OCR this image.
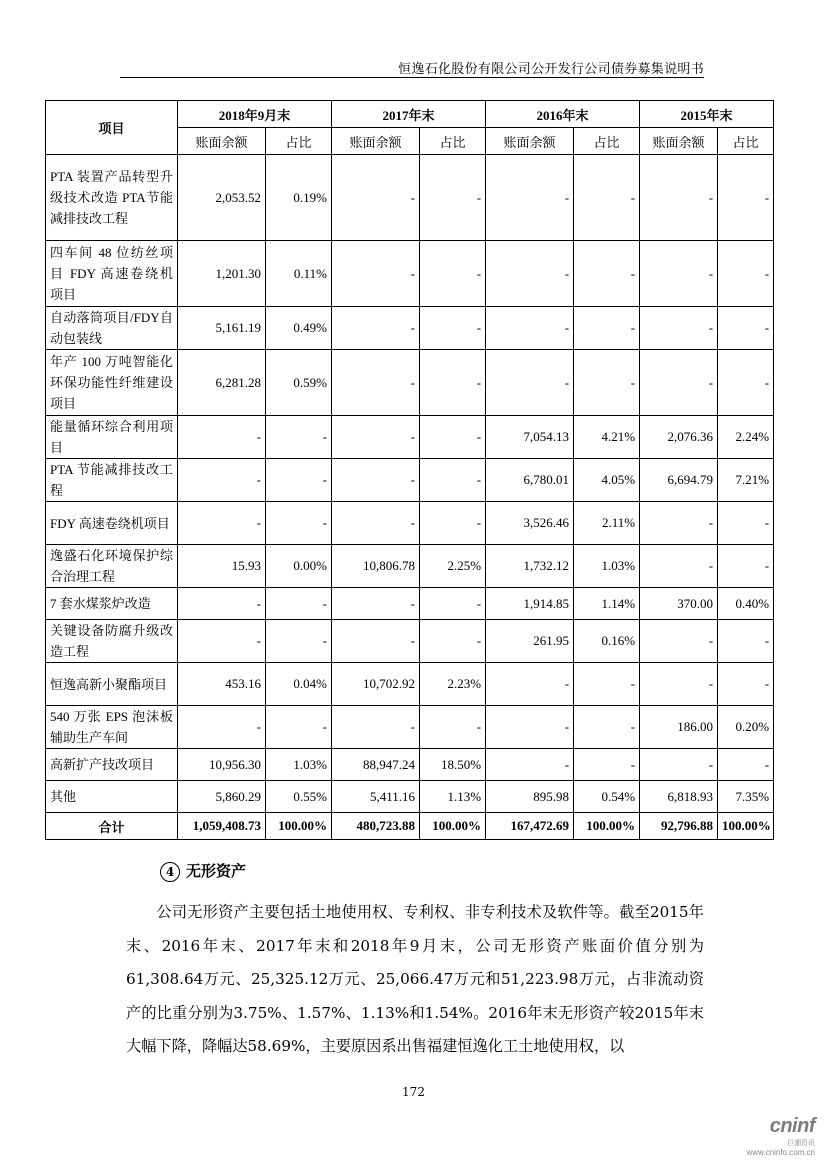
恒逸石化股份有限公司公开发行公司债券募集说明书
项目	2018年9月末		2017年末		2016年末		2015年末	
	账面余额	占比	账面余额	占比	账面余额	占比	账面余额	占比
PTA 装置产品转型升级技术改造 PTA节能减排技改工程	2,053.52	0.19%	-	-	-	-	-	-
四车间 48 位纺丝项目 FDY 高速卷绕机项目	1,201.30	0.11%	-	-	-	-	-	-
自动落筒项目/FDY自动包装线	5,161.19	0.49%	-	-	-	-	-	-
年产 100 万吨智能化环保功能性纤维建设项目	6,281.28	0.59%	-	-	-	-	-	-
能量循环综合利用项目	-	-	-	-	7,054.13	4.21%	2,076.36	2.24%
PTA 节能减排技改工程	-	-	-	-	6,780.01	4.05%	6,694.79	7.21%
FDY 高速卷绕机项目	-	-	-	-	3,526.46	2.11%	-	-
逸盛石化环境保护综合治理工程	15.93	0.00%	10,806.78	2.25%	1,732.12	1.03%	-	-
7 套水煤浆炉改造	-	-	-	-	1,914.85	1.14%	370.00	0.40%
关键设备防腐升级改造工程	-	-	-	-	261.95	0.16%	-	-
恒逸高新小聚酯项目	453.16	0.04%	10,702.92	2.23%	-	-	-	-
540 万张 EPS 泡沫板辅助生产车间	-	-	-	-	-	-	186.00	0.20%
高新扩产技改项目	10,956.30	1.03%	88,947.24	18.50%	-	-	-	-
其他	5,860.29	0.55%	5,411.16	1.13%	895.98	0.54%	6,818.93	7.35%
合计	1,059,408.73	100.00%	480,723.88	100.00%	167,472.69	100.00%	92,796.88	100.00%
4 无形资产
公司无形资产主要包括土地使用权、专利权、非专利技术及软件等。截至2015年末、2016年末、2017年末和2018年9月末，公司无形资产账面价值分别为61,308.64万元、25,325.12万元、25,066.47万元和51,223.98万元，占非流动资产的比重分别为3.75%、1.57%、1.13%和1.54%。2016年末无形资产较2015年末大幅下降，降幅达58.69%，主要原因系出售福建恒逸化工土地使用权，以
172
cninf
巨潮资讯
www.cninfo.com.cn
